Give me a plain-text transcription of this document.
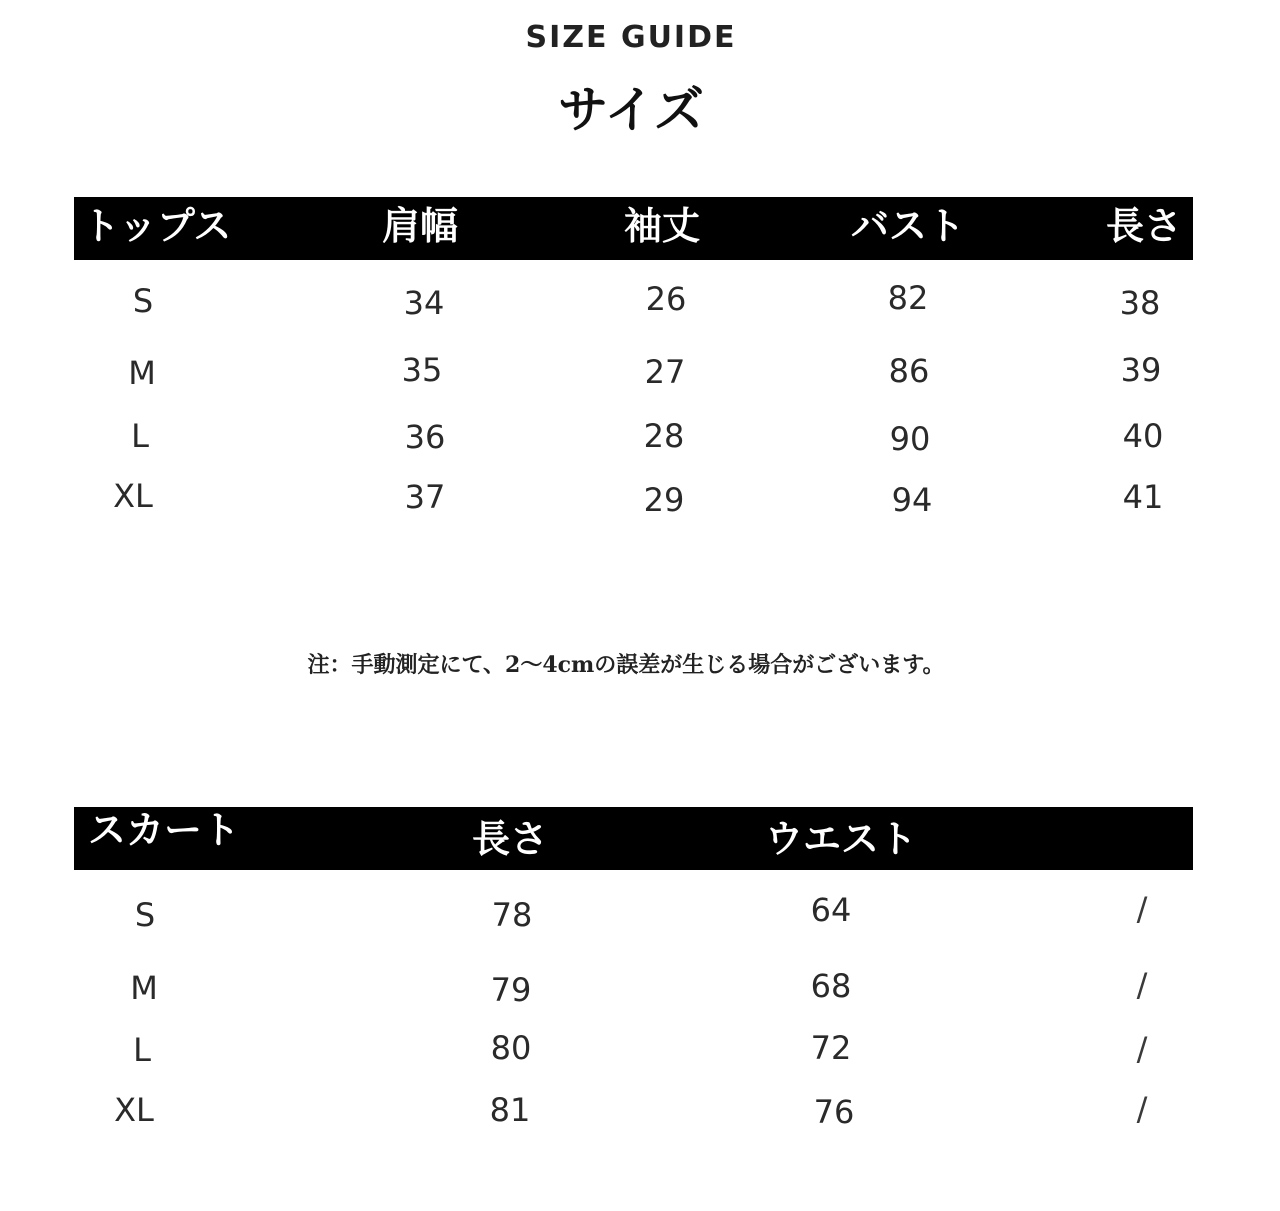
SIZE GUIDE
サイズ
トップス	肩幅	袖丈	バスト	長さ
S	34	26	82	38
M	35	27	86	39
L	36	28	90	40
XL	37	29	94	41
注：手動測定にて、2～4cmの誤差が生じる場合がございます。
スカート	長さ	ウエスト
S	78	64	/
M	79	68	/
L	80	72	/
XL	81	76	/
